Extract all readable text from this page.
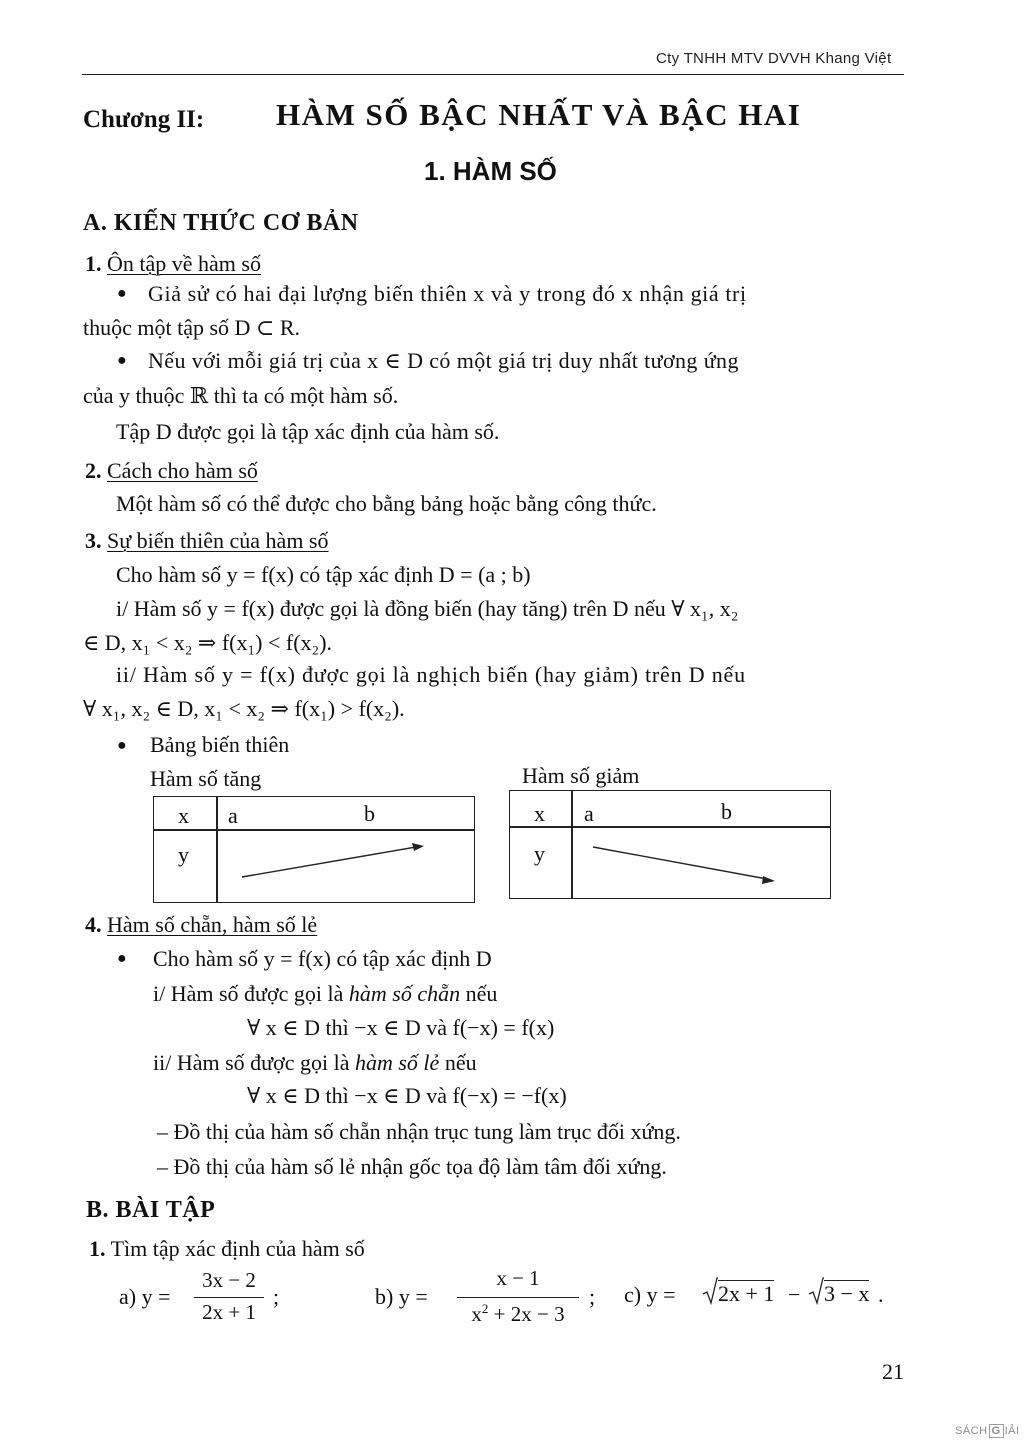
Cty TNHH MTV DVVH Khang Việt
Chương II: HÀM SỐ BẬC NHẤT VÀ BẬC HAI
1. HÀM SỐ
A. KIẾN THỨC CƠ BẢN
1. Ôn tập về hàm số
● Giả sử có hai đại lượng biến thiên x và y trong đó x nhận giá trị
thuộc một tập số D ⊂ R.
● Nếu với mỗi giá trị của x ∈ D có một giá trị duy nhất tương ứng
của y thuộc ℝ thì ta có một hàm số.
Tập D được gọi là tập xác định của hàm số.
2. Cách cho hàm số
Một hàm số có thể được cho bằng bảng hoặc bằng công thức.
3. Sự biến thiên của hàm số
Cho hàm số y = f(x) có tập xác định D = (a ; b)
i/ Hàm số y = f(x) được gọi là đồng biến (hay tăng) trên D nếu ∀ x₁, x₂
∈ D, x₁ < x₂ ⇒ f(x₁) < f(x₂).
ii/ Hàm số y = f(x) được gọi là nghịch biến (hay giảm) trên D nếu
∀ x₁, x₂ ∈ D, x₁ < x₂ ⇒ f(x₁) > f(x₂).
● Bảng biến thiên
Hàm số tăng
x a	b
y
Hàm số giảm
x a	b
y
4. Hàm số chẵn, hàm số lẻ
● Cho hàm số y = f(x) có tập xác định D
i/ Hàm số được gọi là hàm số chẵn nếu
∀ x ∈ D thì −x ∈ D và f(−x) = f(x)
ii/ Hàm số được gọi là hàm số lẻ nếu
∀ x ∈ D thì −x ∈ D và f(−x) = −f(x)
– Đồ thị của hàm số chẵn nhận trục tung làm trục đối xứng.
– Đồ thị của hàm số lẻ nhận gốc tọa độ làm tâm đối xứng.
B. BÀI TẬP
1. Tìm tập xác định của hàm số
a) y =
3x − 2
2x + 1
;	b) y =
x − 1
$x^2 + 2x - 3$
; c) y = 2x + 1 − 3 − x .
21
SÁCH G IẢI
